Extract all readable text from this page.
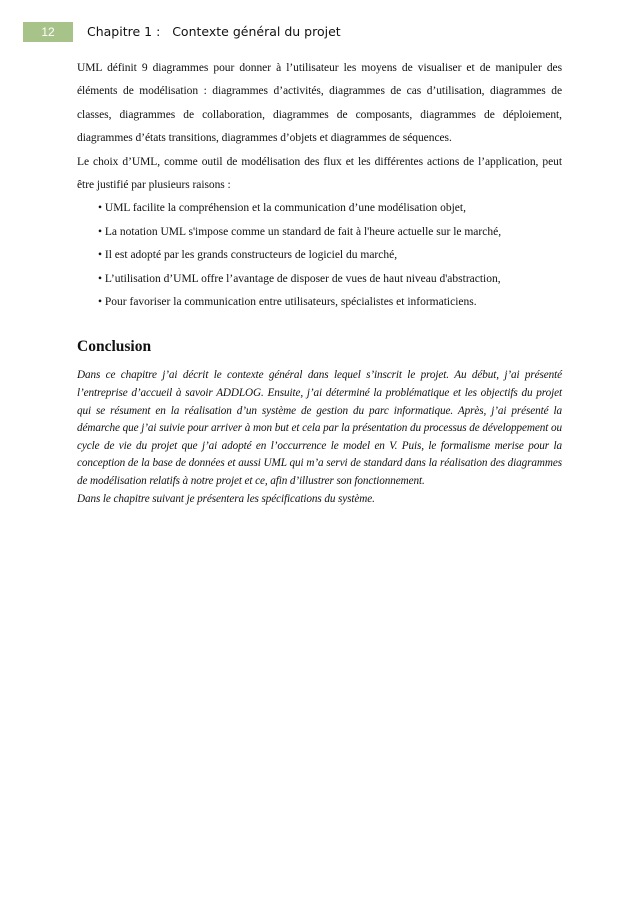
12	Chapitre 1 :   Contexte général du projet

UML définit 9 diagrammes pour donner à l’utilisateur les moyens de visualiser et de manipuler des éléments de modélisation : diagrammes d’activités, diagrammes de cas d’utilisation, diagrammes de classes, diagrammes de collaboration, diagrammes de composants, diagrammes de déploiement, diagrammes d’états transitions, diagrammes d’objets et diagrammes de séquences.

Le choix d’UML, comme outil de modélisation des flux et les différentes actions de l’application, peut être justifié par plusieurs raisons :

• UML facilite la compréhension et la communication d’une modélisation objet,
• La notation UML s'impose comme un standard de fait à l'heure actuelle sur le marché,
• Il est adopté par les grands constructeurs de logiciel du marché,
• L’utilisation d’UML offre l’avantage de disposer de vues de haut niveau d'abstraction,
• Pour favoriser la communication entre utilisateurs, spécialistes et informaticiens.
Conclusion

Dans ce chapitre j’ai décrit le contexte général dans lequel s’inscrit le projet. Au début, j’ai présenté l’entreprise d’accueil à savoir ADDLOG. Ensuite, j’ai déterminé la problématique et les objectifs du projet qui se résument en la réalisation d’un système de gestion du parc informatique. Après, j’ai présenté la démarche que j’ai suivie pour arriver à mon but et cela par la présentation du processus de développement ou cycle de vie du projet que j’ai adopté en l’occurrence le model en V. Puis, le formalisme merise pour la conception de la base de données et aussi UML qui m’a servi de standard dans la réalisation des diagrammes de modélisation relatifs à notre projet et ce, afin d’illustrer son fonctionnement.

Dans le chapitre suivant je présentera les spécifications du système.
